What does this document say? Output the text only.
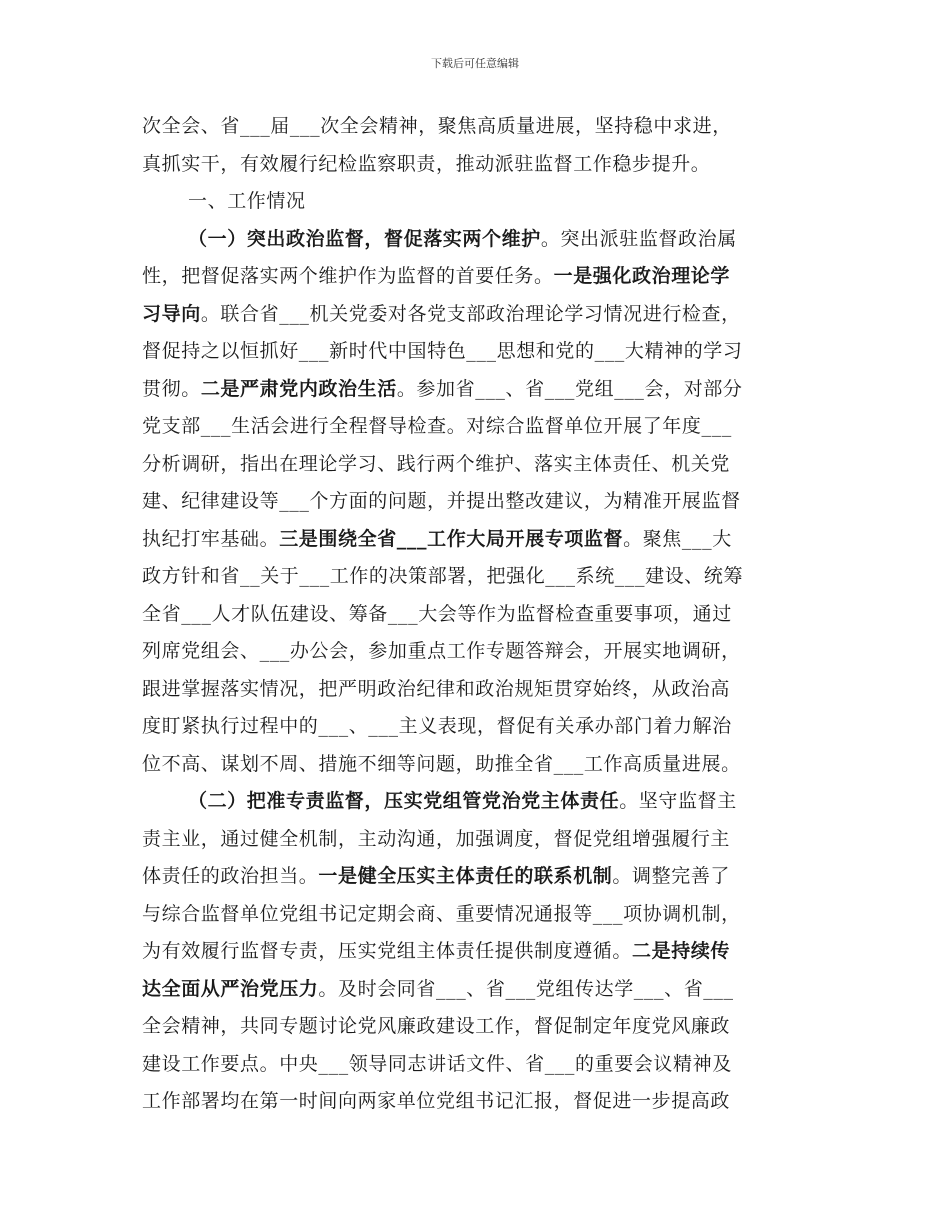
下载后可任意编辑
次全会、省___届___次全会精神，聚焦高质量进展，坚持稳中求进，
真抓实干，有效履行纪检监察职责，推动派驻监督工作稳步提升。
一、工作情况
（一）突出政治监督，督促落实两个维护。突出派驻监督政治属
性，把督促落实两个维护作为监督的首要任务。一是强化政治理论学
习导向。联合省___机关党委对各党支部政治理论学习情况进行检查，
督促持之以恒抓好___新时代中国特色___思想和党的___大精神的学习
贯彻。二是严肃党内政治生活。参加省___、省___党组___会，对部分
党支部___生活会进行全程督导检查。对综合监督单位开展了年度___
分析调研，指出在理论学习、践行两个维护、落实主体责任、机关党
建、纪律建设等___个方面的问题，并提出整改建议，为精准开展监督
执纪打牢基础。三是围绕全省___工作大局开展专项监督。聚焦___大
政方针和省__关于___工作的决策部署，把强化___系统___建设、统筹
全省___人才队伍建设、筹备___大会等作为监督检查重要事项，通过
列席党组会、___办公会，参加重点工作专题答辩会，开展实地调研，
跟进掌握落实情况，把严明政治纪律和政治规矩贯穿始终，从政治高
度盯紧执行过程中的___、___主义表现，督促有关承办部门着力解治
位不高、谋划不周、措施不细等问题，助推全省___工作高质量进展。
（二）把准专责监督，压实党组管党治党主体责任。坚守监督主
责主业，通过健全机制，主动沟通，加强调度，督促党组增强履行主
体责任的政治担当。一是健全压实主体责任的联系机制。调整完善了
与综合监督单位党组书记定期会商、重要情况通报等___项协调机制，
为有效履行监督专责，压实党组主体责任提供制度遵循。二是持续传
达全面从严治党压力。及时会同省___、省___党组传达学___、省___
全会精神，共同专题讨论党风廉政建设工作，督促制定年度党风廉政
建设工作要点。中央___领导同志讲话文件、省___的重要会议精神及
工作部署均在第一时间向两家单位党组书记汇报，督促进一步提高政
